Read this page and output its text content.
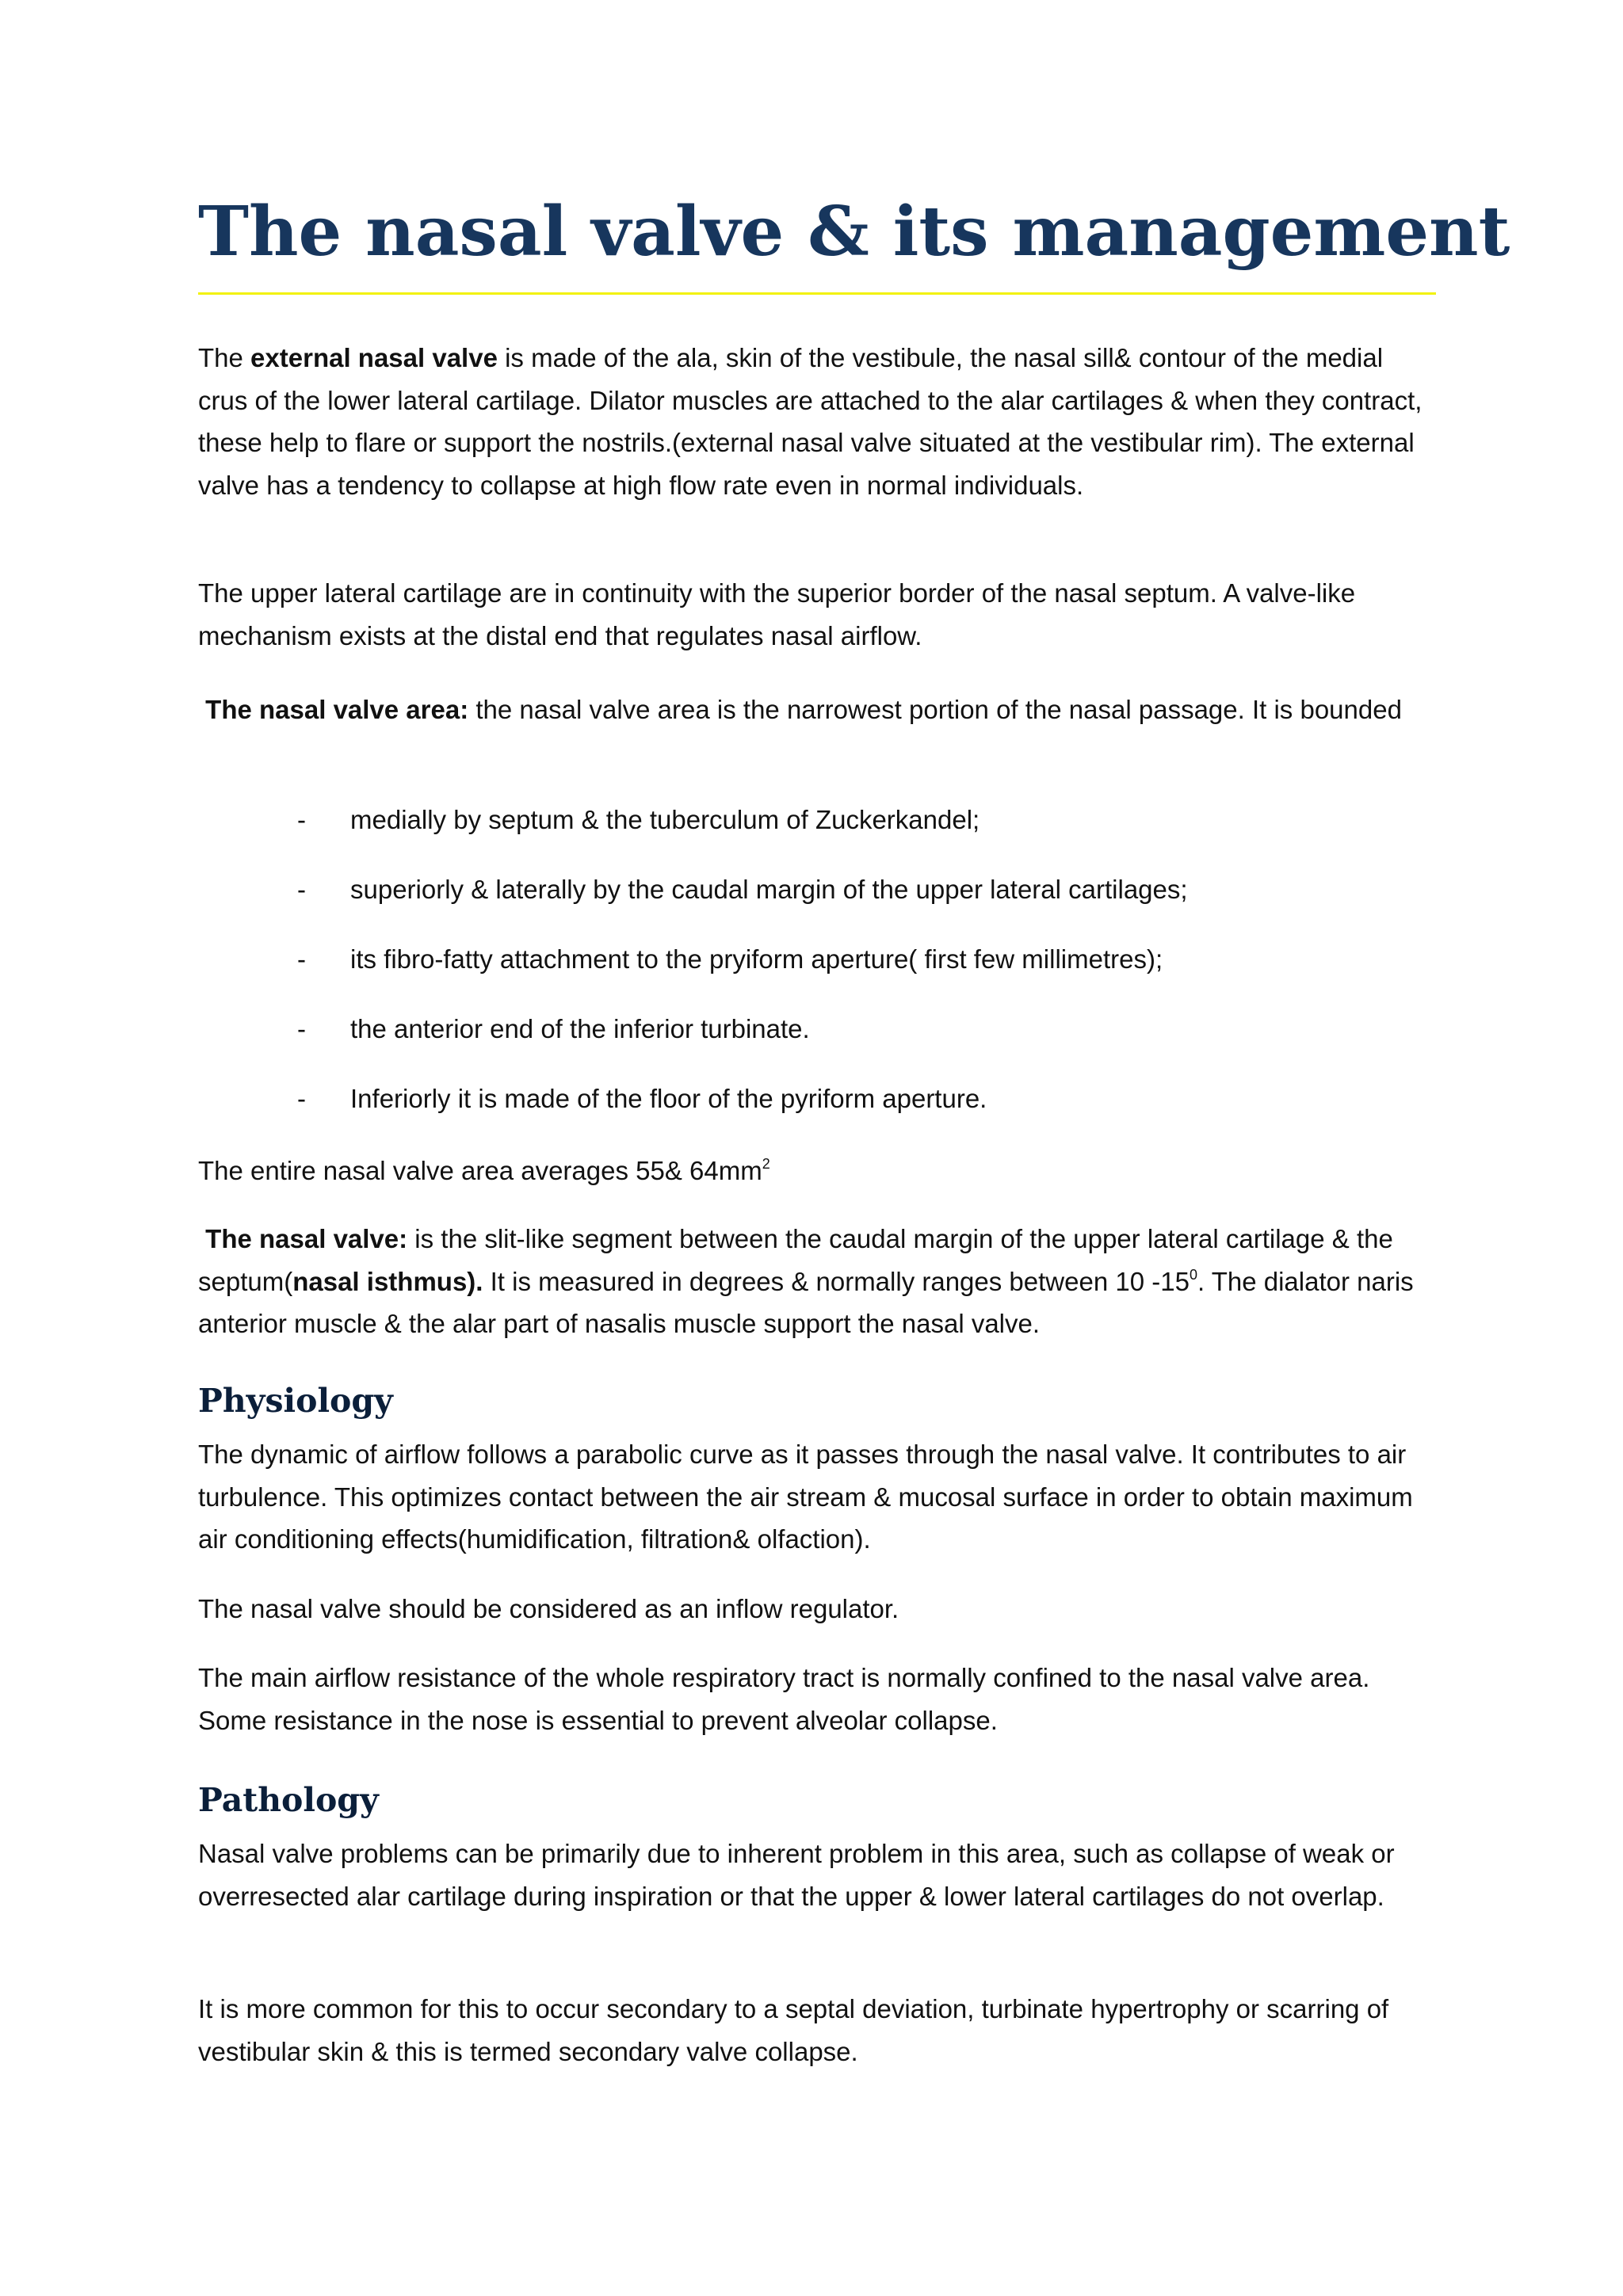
The nasal valve & its management

The external nasal valve is made of the ala, skin of the vestibule, the nasal sill& contour of the medial crus of the lower lateral cartilage. Dilator muscles are attached to the alar cartilages & when they contract, these help to flare or support the nostrils.(external nasal valve situated at the vestibular rim). The external valve has a tendency to collapse at high flow rate even in normal individuals.

The upper lateral cartilage are in continuity with the superior border of the nasal septum. A valve-like mechanism exists at the distal end that regulates nasal airflow.

The nasal valve area: the nasal valve area is the narrowest portion of the nasal passage. It is bounded

- medially by septum & the tuberculum of Zuckerkandel;
- superiorly & laterally by the caudal margin of the upper lateral cartilages;
- its fibro-fatty attachment to the pryiform aperture( first few millimetres);
- the anterior end of the inferior turbinate.
- Inferiorly it is made of the floor of the pyriform aperture.

The entire nasal valve area averages 55& $64mm^2$

The nasal valve: is the slit-like segment between the caudal margin of the upper lateral cartilage & the septum(nasal isthmus). It is measured in degrees & normally ranges between 10 $-15^0$. The dialator naris anterior muscle & the alar part of nasalis muscle support the nasal valve.

Physiology

The dynamic of airflow follows a parabolic curve as it passes through the nasal valve. It contributes to air turbulence. This optimizes contact between the air stream & mucosal surface in order to obtain maximum air conditioning effects(humidification, filtration& olfaction).

The nasal valve should be considered as an inflow regulator.

The main airflow resistance of the whole respiratory tract is normally confined to the nasal valve area. Some resistance in the nose is essential to prevent alveolar collapse.

Pathology

Nasal valve problems can be primarily due to inherent problem in this area, such as collapse of weak or overresected alar cartilage during inspiration or that the upper & lower lateral cartilages do not overlap.

It is more common for this to occur secondary to a septal deviation, turbinate hypertrophy or scarring of vestibular skin & this is termed secondary valve collapse.
